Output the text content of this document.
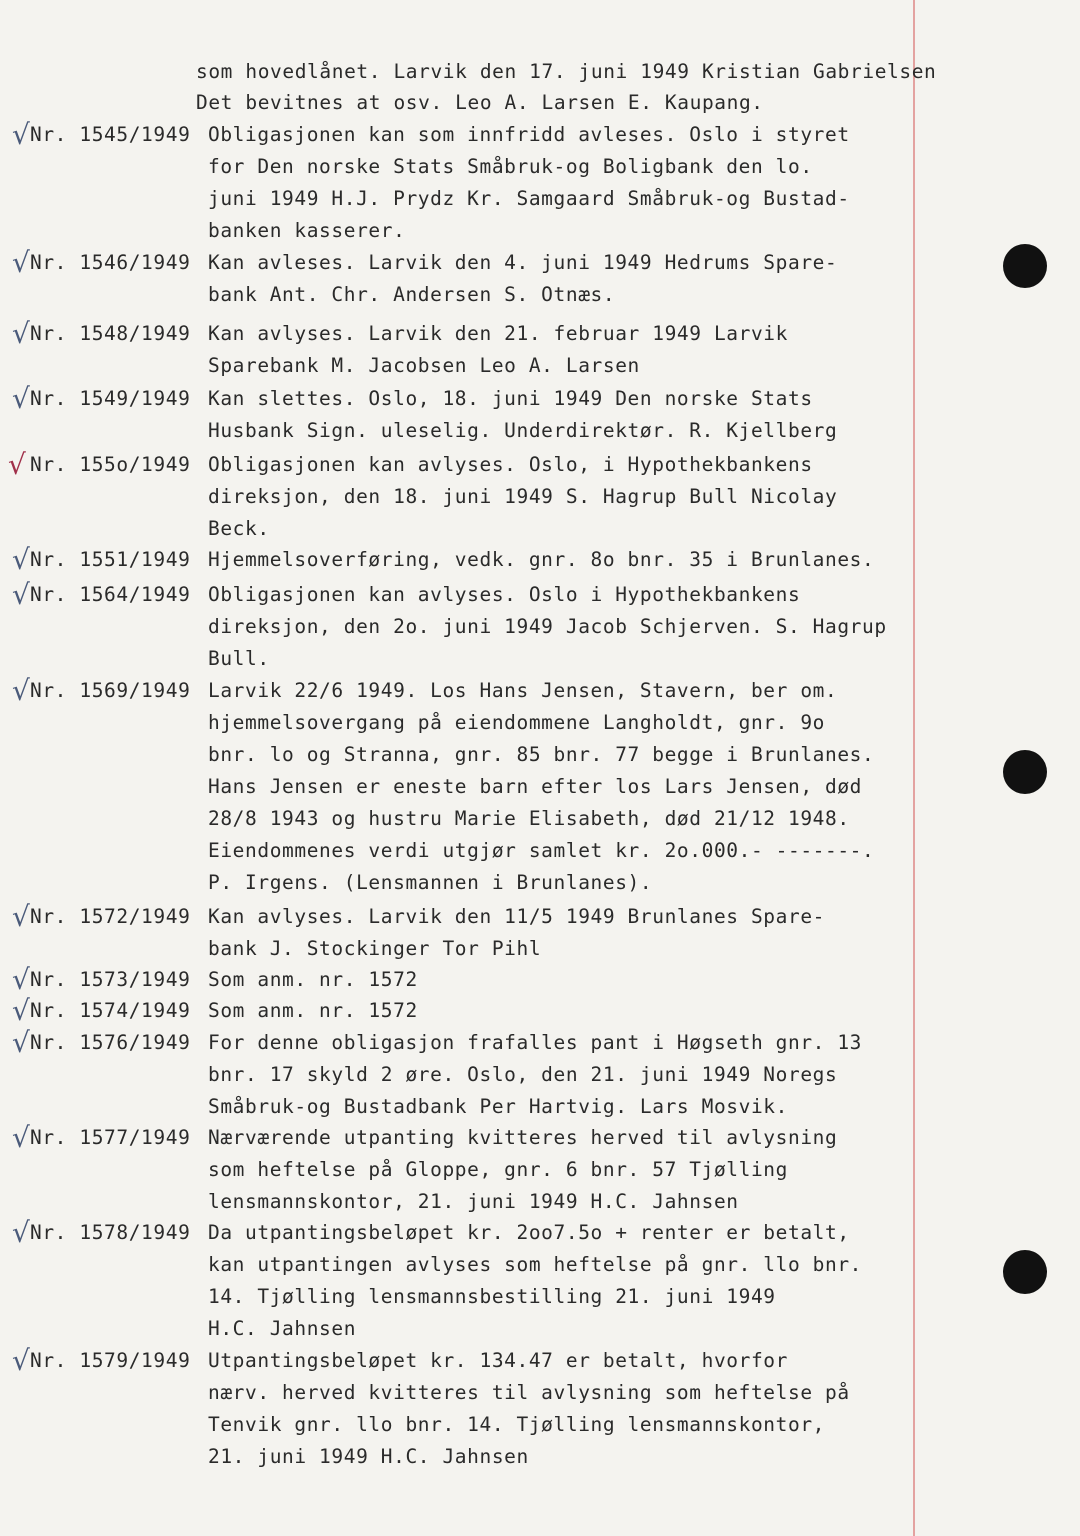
som hovedlånet. Larvik den 17. juni 1949 Kristian Gabrielsen
Det bevitnes at osv. Leo A. Larsen E. Kaupang.
√ Nr. 1545/1949 Obligasjonen kan som innfridd avleses. Oslo i styret
for Den norske Stats Småbruk-og Boligbank den lo.
juni 1949 H.J. Prydz Kr. Samgaard Småbruk-og Bustad-
banken kasserer.
√ Nr. 1546/1949 Kan avleses. Larvik den 4. juni 1949 Hedrums Spare-
bank Ant. Chr. Andersen S. Otnæs.
√ Nr. 1548/1949 Kan avlyses. Larvik den 21. februar 1949 Larvik
Sparebank M. Jacobsen Leo A. Larsen
√ Nr. 1549/1949 Kan slettes. Oslo, 18. juni 1949 Den norske Stats
Husbank Sign. uleselig. Underdirektør. R. Kjellberg
√ Nr. 155o/1949 Obligasjonen kan avlyses. Oslo, i Hypothekbankens
direksjon, den 18. juni 1949 S. Hagrup Bull Nicolay
Beck.
√ Nr. 1551/1949 Hjemmelsoverføring, vedk. gnr. 8o bnr. 35 i Brunlanes.
√ Nr. 1564/1949 Obligasjonen kan avlyses. Oslo i Hypothekbankens
direksjon, den 2o. juni 1949 Jacob Schjerven. S. Hagrup
Bull.
√ Nr. 1569/1949 Larvik 22/6 1949. Los Hans Jensen, Stavern, ber om.
hjemmelsovergang på eiendommene Langholdt, gnr. 9o
bnr. lo og Stranna, gnr. 85 bnr. 77 begge i Brunlanes.
Hans Jensen er eneste barn efter los Lars Jensen, død
28/8 1943 og hustru Marie Elisabeth, død 21/12 1948.
Eiendommenes verdi utgjør samlet kr. 2o.000.- -------.
P. Irgens. (Lensmannen i Brunlanes).
√ Nr. 1572/1949 Kan avlyses. Larvik den 11/5 1949 Brunlanes Spare-
bank J. Stockinger Tor Pihl
√ Nr. 1573/1949 Som anm. nr. 1572
√ Nr. 1574/1949 Som anm. nr. 1572
√ Nr. 1576/1949 For denne obligasjon frafalles pant i Høgseth gnr. 13
bnr. 17 skyld 2 øre. Oslo, den 21. juni 1949 Noregs
Småbruk-og Bustadbank Per Hartvig. Lars Mosvik.
√ Nr. 1577/1949 Nærværende utpanting kvitteres herved til avlysning
som heftelse på Gloppe, gnr. 6 bnr. 57 Tjølling
lensmannskontor, 21. juni 1949 H.C. Jahnsen
√ Nr. 1578/1949 Da utpantingsbeløpet kr. 2oo7.5o + renter er betalt,
kan utpantingen avlyses som heftelse på gnr. llo bnr.
14. Tjølling lensmannsbestilling 21. juni 1949
H.C. Jahnsen
√ Nr. 1579/1949 Utpantingsbeløpet kr. 134.47 er betalt, hvorfor
nærv. herved kvitteres til avlysning som heftelse på
Tenvik gnr. llo bnr. 14. Tjølling lensmannskontor,
21. juni 1949 H.C. Jahnsen
